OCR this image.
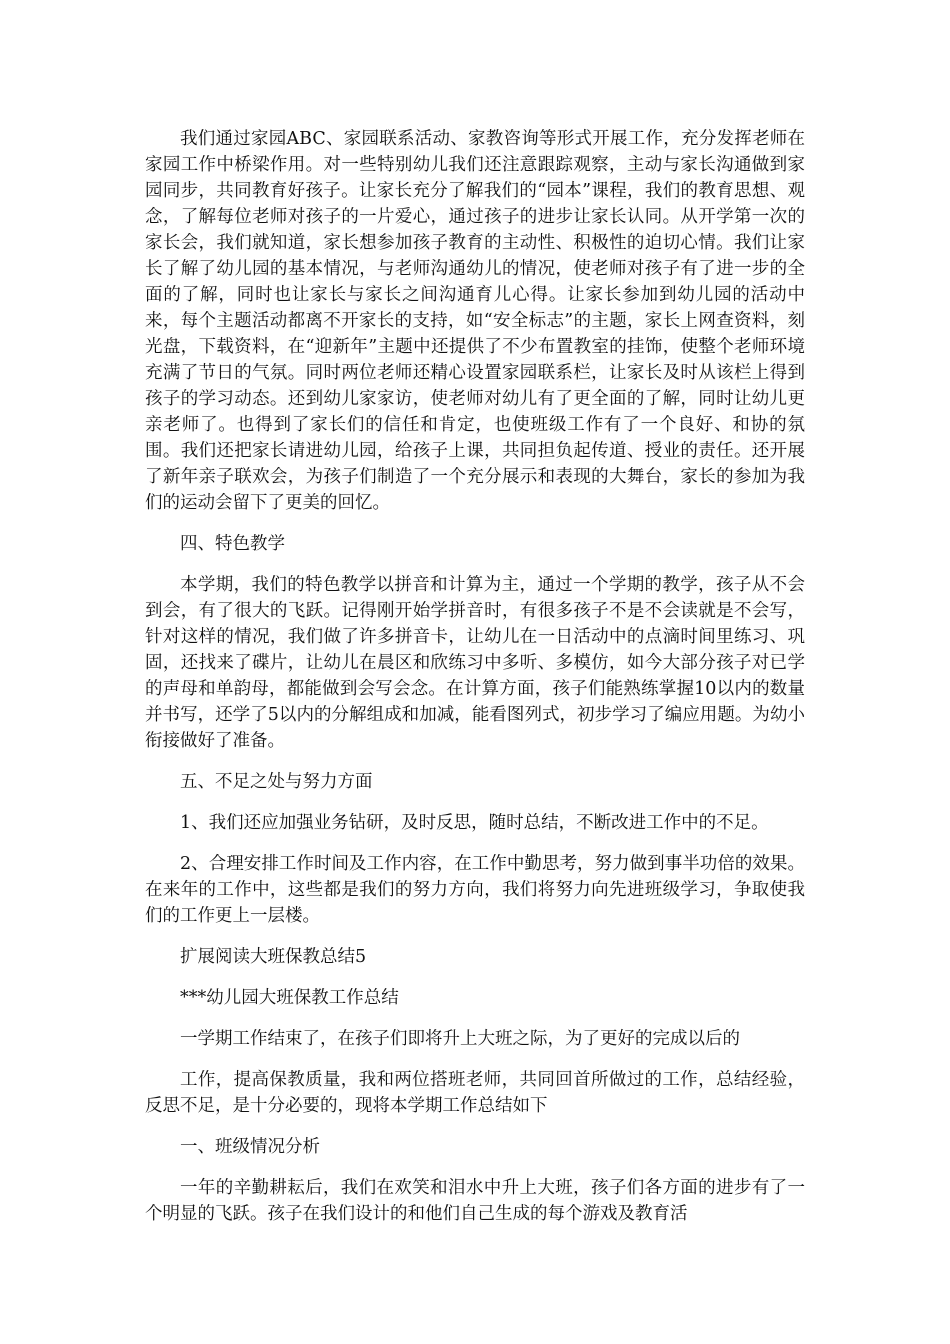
我们通过家园ABC、家园联系活动、家教咨询等形式开展工作，充分发挥老师在家园工作中桥梁作用。对一些特别幼儿我们还注意跟踪观察，主动与家长沟通做到家园同步，共同教育好孩子。让家长充分了解我们的“园本”课程，我们的教育思想、观念，了解每位老师对孩子的一片爱心，通过孩子的进步让家长认同。从开学第一次的家长会，我们就知道，家长想参加孩子教育的主动性、积极性的迫切心情。我们让家长了解了幼儿园的基本情况，与老师沟通幼儿的情况，使老师对孩子有了进一步的全面的了解，同时也让家长与家长之间沟通育儿心得。让家长参加到幼儿园的活动中来，每个主题活动都离不开家长的支持，如“安全标志”的主题，家长上网查资料，刻光盘，下载资料，在“迎新年”主题中还提供了不少布置教室的挂饰，使整个老师环境充满了节日的气氛。同时两位老师还精心设置家园联系栏，让家长及时从该栏上得到孩子的学习动态。还到幼儿家家访，使老师对幼儿有了更全面的了解，同时让幼儿更亲老师了。也得到了家长们的信任和肯定，也使班级工作有了一个良好、和协的氛围。我们还把家长请进幼儿园，给孩子上课，共同担负起传道、授业的责任。还开展了新年亲子联欢会，为孩子们制造了一个充分展示和表现的大舞台，家长的参加为我们的运动会留下了更美的回忆。

四、特色教学

本学期，我们的特色教学以拼音和计算为主，通过一个学期的教学，孩子从不会到会，有了很大的飞跃。记得刚开始学拼音时，有很多孩子不是不会读就是不会写，针对这样的情况，我们做了许多拼音卡，让幼儿在一日活动中的点滴时间里练习、巩固，还找来了碟片，让幼儿在晨区和欣练习中多听、多模仿，如今大部分孩子对已学的声母和单韵母，都能做到会写会念。在计算方面，孩子们能熟练掌握10以内的数量并书写，还学了5以内的分解组成和加减，能看图列式，初步学习了编应用题。为幼小衔接做好了准备。

五、不足之处与努力方面

1、我们还应加强业务钻研，及时反思，随时总结，不断改进工作中的不足。

2、合理安排工作时间及工作内容，在工作中勤思考，努力做到事半功倍的效果。在来年的工作中，这些都是我们的努力方向，我们将努力向先进班级学习，争取使我们的工作更上一层楼。

扩展阅读大班保教总结5

***幼儿园大班保教工作总结

一学期工作结束了，在孩子们即将升上大班之际，为了更好的完成以后的

工作，提高保教质量，我和两位搭班老师，共同回首所做过的工作，总结经验，反思不足，是十分必要的，现将本学期工作总结如下

一、班级情况分析

一年的辛勤耕耘后，我们在欢笑和泪水中升上大班，孩子们各方面的进步有了一个明显的飞跃。孩子在我们设计的和他们自己生成的每个游戏及教育活
